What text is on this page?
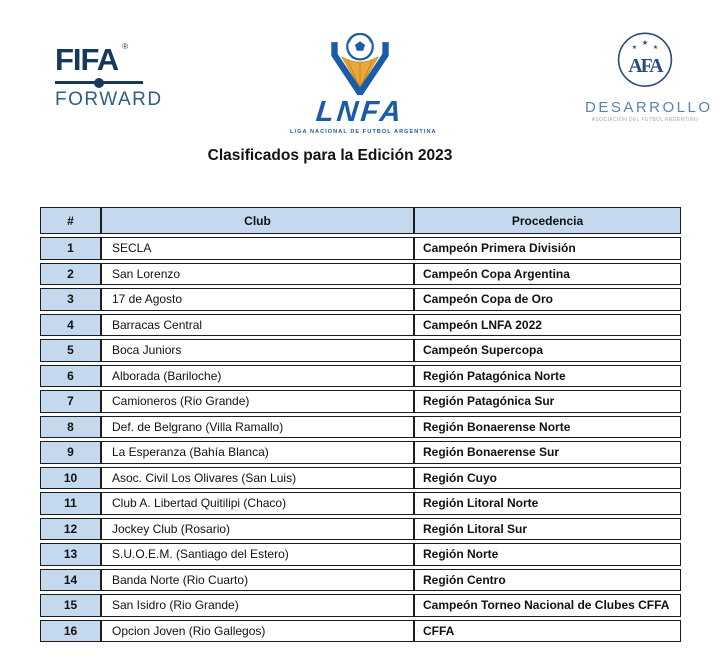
FIFA ®
FORWARD	LNFA
LIGA NACIONAL DE FUTBOL ARGENTINA
★
★
★
AFA
DESARROLLO
ASOCIACIÓN DEL FUTBOL ARGENTINO
Clasificados para la Edición 2023
#	Club	Procedencia
1	SECLA	Campeón Primera División
2	San Lorenzo	Campeón Copa Argentina
3	17 de Agosto	Campeón Copa de Oro
4	Barracas Central	Campeón LNFA 2022
5	Boca Juniors	Campeón Supercopa
6	Alborada (Bariloche)	Región Patagónica Norte
7	Camioneros (Rio Grande)	Región Patagónica Sur
8	Def. de Belgrano (Villa Ramallo)	Región Bonaerense Norte
9	La Esperanza (Bahía Blanca)	Región Bonaerense Sur
10	Asoc. Civil Los Olivares (San Luis)	Región Cuyo
11	Club A. Libertad Quitilipi (Chaco)	Región Litoral Norte
12	Jockey Club (Rosario)	Región Litoral Sur
13	S.U.O.E.M. (Santiago del Estero)	Región Norte
14	Banda Norte (Rio Cuarto)	Región Centro
15	San Isidro (Rio Grande)	Campeón Torneo Nacional de Clubes CFFA
16	Opcion Joven (Rio Gallegos)	CFFA
